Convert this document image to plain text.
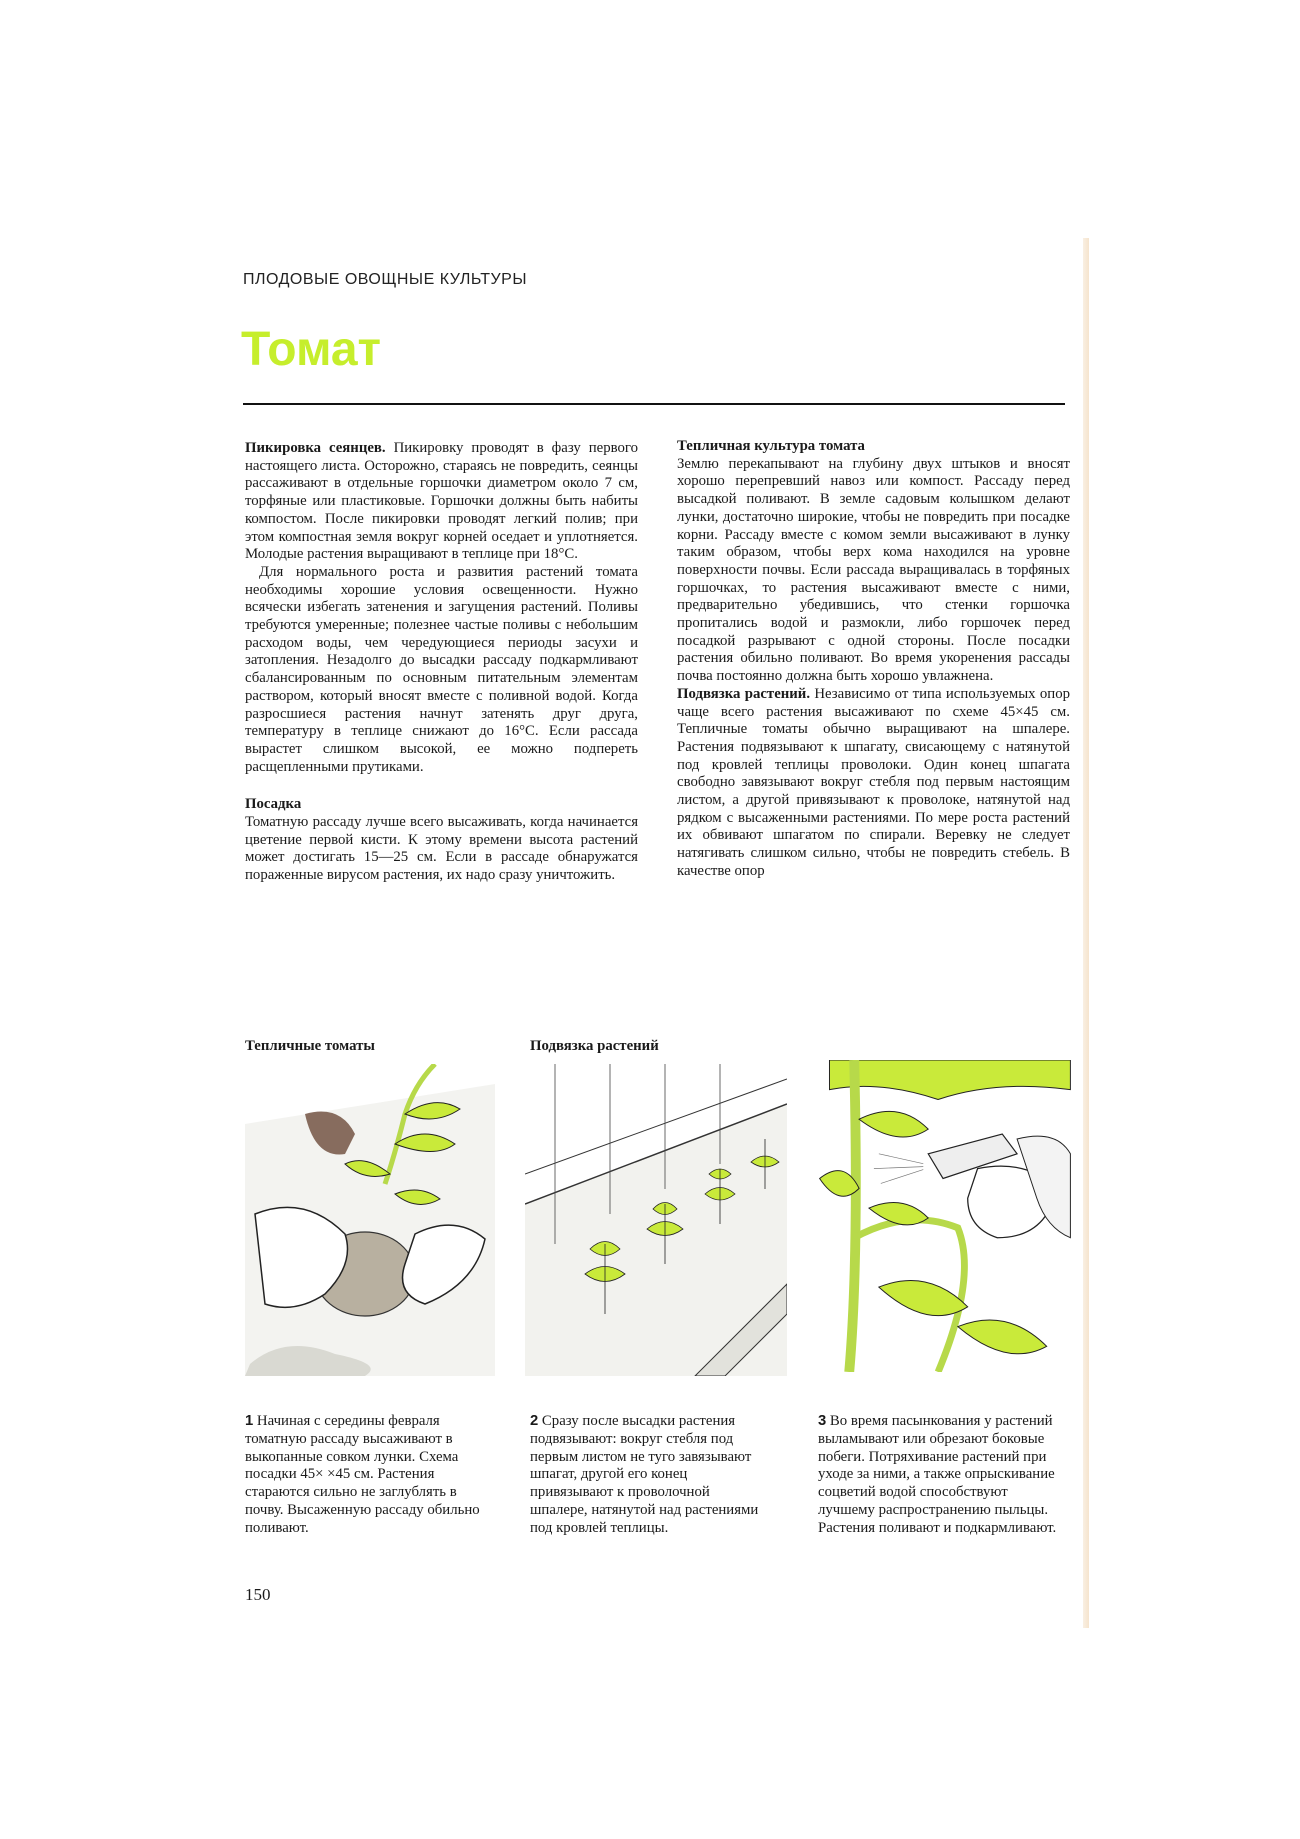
ПЛОДОВЫЕ ОВОЩНЫЕ КУЛЬТУРЫ
Томат

Пикировка сеянцев. Пикировку проводят в фазу первого настоящего листа. Осторожно, стараясь не повредить, сеянцы рассаживают в отдельные горшочки диаметром около 7 см, торфяные или пластиковые. Горшочки должны быть набиты компостом. После пикировки проводят легкий полив; при этом компостная земля вокруг корней оседает и уплотняется. Молодые растения выращивают в теплице при 18°С.

Для нормального роста и развития растений томата необходимы хорошие условия освещенности. Нужно всячески избегать затенения и загущения растений. Поливы требуются умеренные; полезнее частые поливы с небольшим расходом воды, чем чередующиеся периоды засухи и затопления. Незадолго до высадки рассаду подкармливают сбалансированным по основным питательным элементам раствором, который вносят вместе с поливной водой. Когда разросшиеся растения начнут затенять друг друга, температуру в теплице снижают до 16°С. Если рассада вырастет слишком высокой, ее можно подпереть расщепленными прутиками.

Посадка

Томатную рассаду лучше всего высаживать, когда начинается цветение первой кисти. К этому времени высота растений может достигать 15—25 см. Если в рассаде обнаружатся пораженные вирусом растения, их надо сразу уничтожить.

Тепличная культура томата

Землю перекапывают на глубину двух штыков и вносят хорошо перепревший навоз или компост. Рассаду перед высадкой поливают. В земле садовым колышком делают лунки, достаточно широкие, чтобы не повредить при посадке корни. Рассаду вместе с комом земли высаживают в лунку таким образом, чтобы верх кома находился на уровне поверхности почвы. Если рассада выращивалась в торфяных горшочках, то растения высаживают вместе с ними, предварительно убедившись, что стенки горшочка пропитались водой и размокли, либо горшочек перед посадкой разрывают с одной стороны. После посадки растения обильно поливают. Во время укоренения рассады почва постоянно должна быть хорошо увлажнена.

Подвязка растений. Независимо от типа используемых опор чаще всего растения высаживают по схеме 45×45 см. Тепличные томаты обычно выращивают на шпалере. Растения подвязывают к шпагату, свисающему с натянутой под кровлей теплицы проволоки. Один конец шпагата свободно завязывают вокруг стебля под первым настоящим листом, а другой привязывают к проволоке, натянутой над рядком с высаженными растениями. По мере роста растений их обвивают шпагатом по спирали. Веревку не следует натягивать слишком сильно, чтобы не повредить стебель. В качестве опор

Тепличные томаты	Подвязка растений
1 Начиная с середины февраля томатную рассаду высаживают в выкопанные совком лунки. Схема посадки 45× ×45 см. Растения стараются сильно не заглублять в почву. Высаженную рассаду обильно поливают.
2 Сразу после высадки растения подвязывают: вокруг стебля под первым листом не туго завязывают шпагат, другой его конец привязывают к проволочной шпалере, натянутой над растениями под кровлей теплицы.
3 Во время пасынкования у растений выламывают или обрезают боковые побеги. Потряхивание растений при уходе за ними, а также опрыскивание соцветий водой способствуют лучшему распространению пыльцы. Растения поливают и подкармливают.
150
